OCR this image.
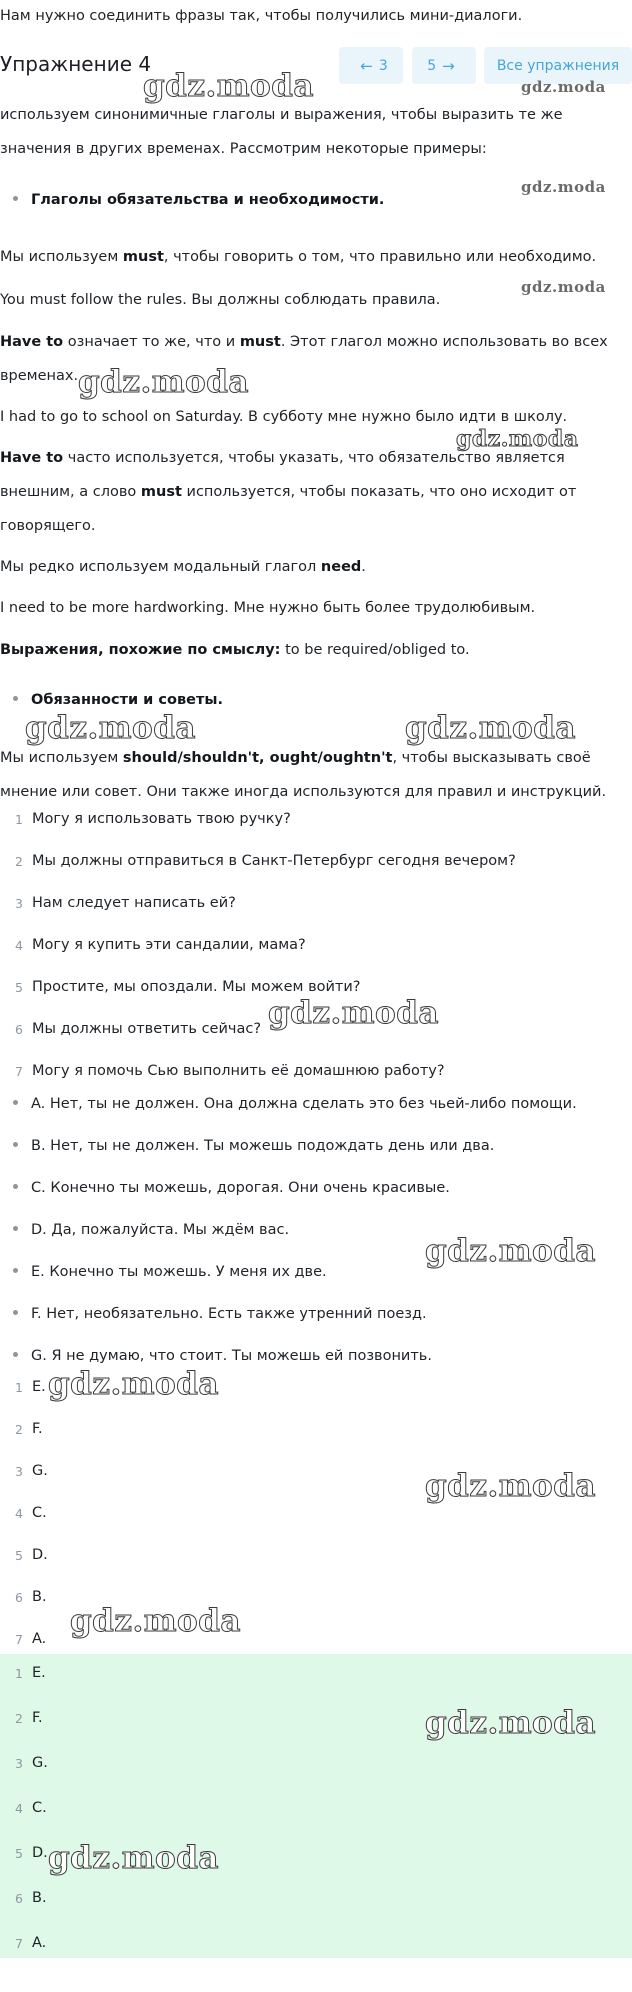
Нам нужно соединить фразы так, чтобы получились мини-диалоги.
Упражнение 4	← 3	5 →	Все упражнения
используем синонимичные глаголы и выражения, чтобы выразить те же
значения в других временах. Рассмотрим некоторые примеры:
Глаголы обязательства и необходимости.
Мы используем must, чтобы говорить о том, что правильно или необходимо.
You must follow the rules. Вы должны соблюдать правила.
Have to означает то же, что и must. Этот глагол можно использовать во всех
временах.
I had to go to school on Saturday. В субботу мне нужно было идти в школу.
Have to часто используется, чтобы указать, что обязательство является
внешним, а слово must используется, чтобы показать, что оно исходит от
говорящего.
Мы редко используем модальный глагол need.
I need to be more hardworking. Мне нужно быть более трудолюбивым.
Выражения, похожие по смыслу: to be required/obliged to.
Обязанности и советы.
Мы используем should/shouldn't, ought/oughtn't, чтобы высказывать своё
мнение или совет. Они также иногда используются для правил и инструкций.
1 Могу я использовать твою ручку?
2 Мы должны отправиться в Санкт-Петербург сегодня вечером?
3 Нам следует написать ей?
4 Могу я купить эти сандалии, мама?
5 Простите, мы опоздали. Мы можем войти?
6 Мы должны ответить сейчас?
7 Могу я помочь Сью выполнить её домашнюю работу?
A. Нет, ты не должен. Она должна сделать это без чьей-либо помощи.
B. Нет, ты не должен. Ты можешь подождать день или два.
C. Конечно ты можешь, дорогая. Они очень красивые.
D. Да, пожалуйста. Мы ждём вас.
E. Конечно ты можешь. У меня их две.
F. Нет, необязательно. Есть также утренний поезд.
G. Я не думаю, что стоит. Ты можешь ей позвонить.
1 E.
2 F.
3 G.
4 C.
5 D.
6 B.
7 A.
1 E.
2 F.
3 G.
4 C.
5 D.
6 B.
7 A.
gdz.moda	gdz.moda
gdz.moda
gdz.moda
gdz.moda
gdz.moda
gdz.moda	gdz.moda
gdz.moda
gdz.moda
gdz.moda
gdz.moda
gdz.moda
gdz.moda
gdz.moda
